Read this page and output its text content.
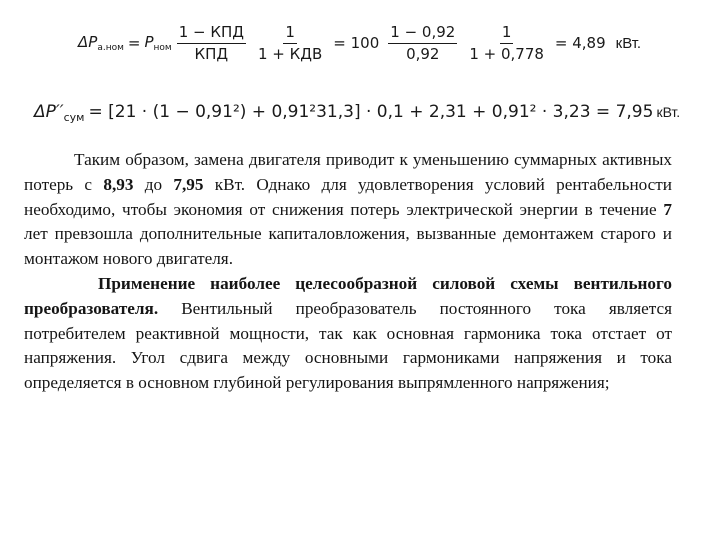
$\Delta P_{a.ном} = P_{ном} \frac{\text{1 − КПД}}{\text{КПД}} \frac{1}{\text{1 + КДВ}} = 100 \frac{1 - 0,92}{0,92} \frac{1}{1 + 0,778} = 4,89$ кВт.
$\Delta P''_{сум} = [21 \cdot (1 - 0,91^2) + 0,91^231,3] \cdot 0,1 + 2,31 + 0,91^2 \cdot 3,23 = 7,95$ кВт.

Таким образом, замена двигателя приводит к уменьшению суммарных активных потерь с 8,93 до 7,95 кВт. Однако для удовлетворения условий рентабельности необходимо, чтобы экономия от снижения потерь электрической энергии в течение 7 лет превзошла дополнительные капиталовложения, вызванные демонтажем старого и монтажом нового двигателя.

Применение наиболее целесообразной силовой схемы вентильного преобразователя. Вентильный преобразователь постоянного тока является потребителем реактивной мощности, так как основная гармоника тока отстает от напряжения. Угол сдвига между основными гармониками напряжения и тока определяется в основном глубиной регулирования выпрямленного напряжения;
